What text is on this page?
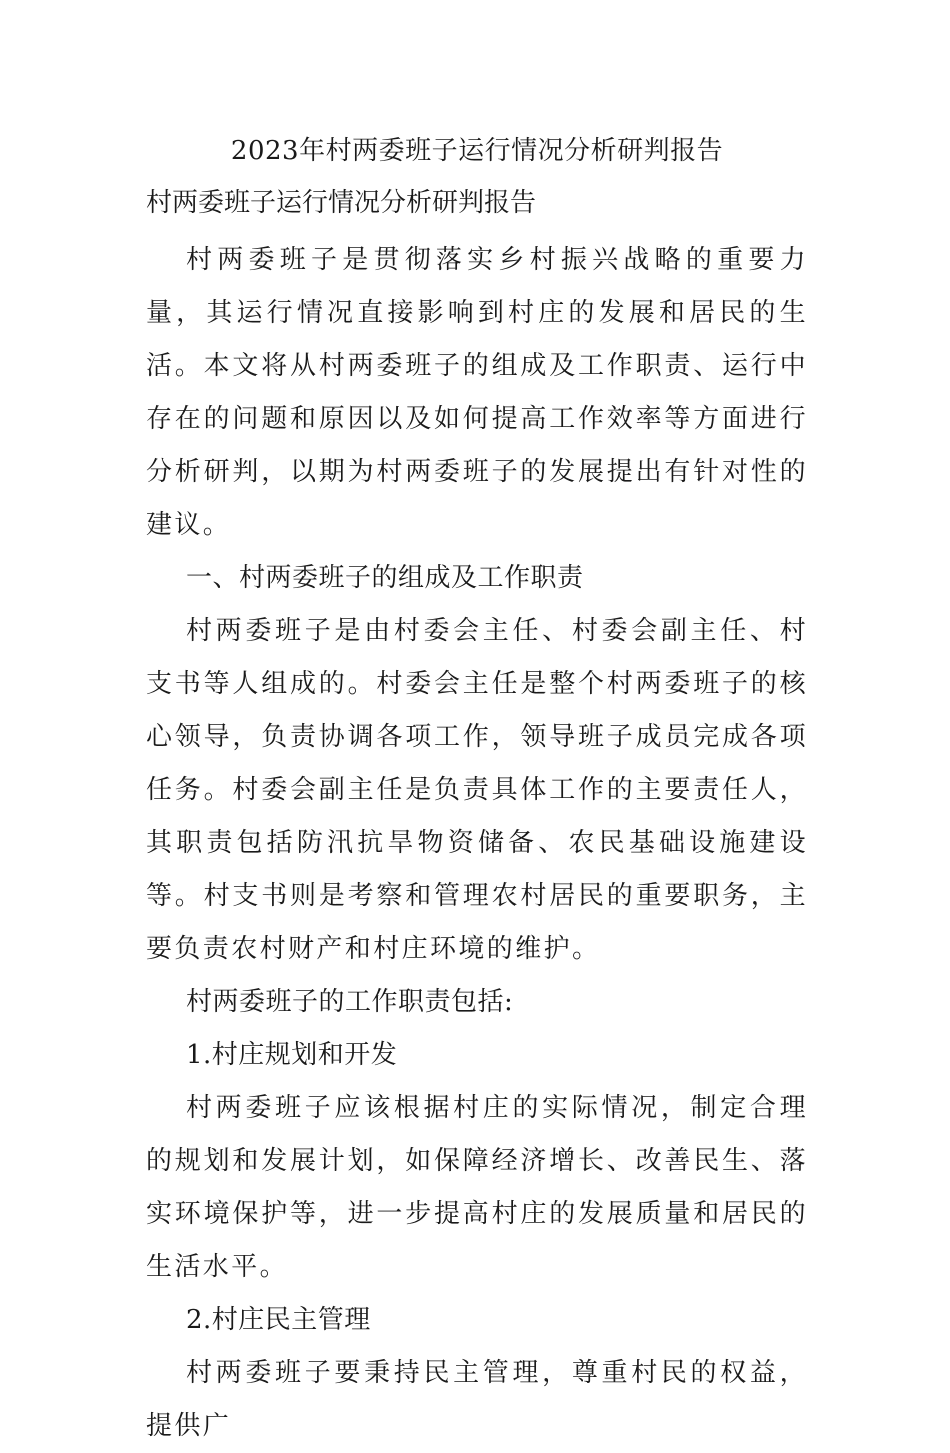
2023年村两委班子运行情况分析研判报告
村两委班子运行情况分析研判报告

村两委班子是贯彻落实乡村振兴战略的重要力量，其运行情况直接影响到村庄的发展和居民的生活。本文将从村两委班子的组成及工作职责、运行中存在的问题和原因以及如何提高工作效率等方面进行分析研判，以期为村两委班子的发展提出有针对性的建议。

一、村两委班子的组成及工作职责

村两委班子是由村委会主任、村委会副主任、村支书等人组成的。村委会主任是整个村两委班子的核心领导，负责协调各项工作，领导班子成员完成各项任务。村委会副主任是负责具体工作的主要责任人，其职责包括防汛抗旱物资储备、农民基础设施建设等。村支书则是考察和管理农村居民的重要职务，主要负责农村财产和村庄环境的维护。

村两委班子的工作职责包括:

1.村庄规划和开发

村两委班子应该根据村庄的实际情况，制定合理的规划和发展计划，如保障经济增长、改善民生、落实环境保护等，进一步提高村庄的发展质量和居民的生活水平。

2.村庄民主管理

村两委班子要秉持民主管理，尊重村民的权益，提供广
